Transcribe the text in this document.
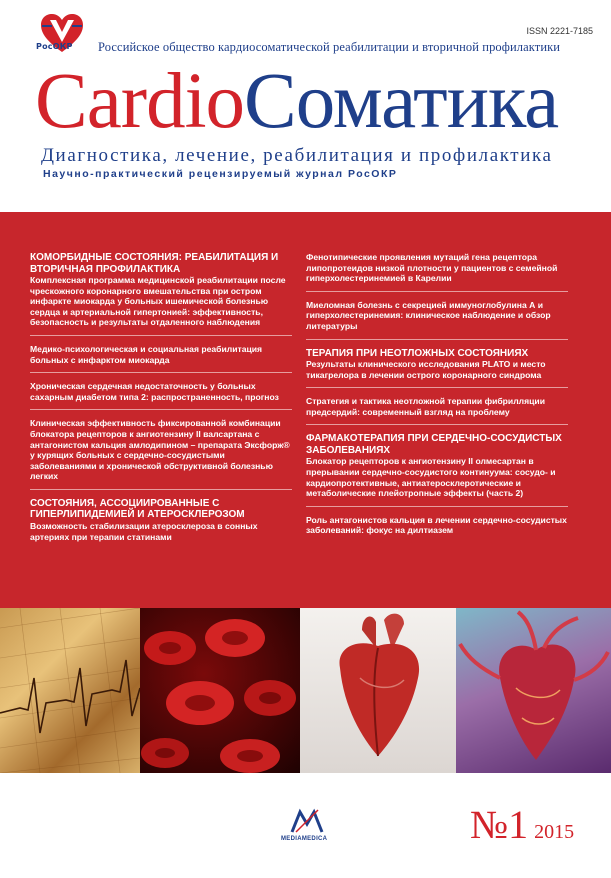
РосОКР
ISSN 2221-7185
Российское общество кардиосоматической реабилитации и вторичной профилактики
CardioСоматика
Диагностика, лечение, реабилитация и профилактика
Научно-практический рецензируемый журнал РосОКР
КОМОРБИДНЫЕ СОСТОЯНИЯ: РЕАБИЛИТАЦИЯ И ВТОРИЧНАЯ ПРОФИЛАКТИКА
Комплексная программа медицинской реабилитации после чрескожного коронарного вмешательства при остром инфаркте миокарда у больных ишемической болезнью сердца и артериальной гипертонией: эффективность, безопасность и результаты отдаленного наблюдения
Медико-психологическая и социальная реабилитация больных с инфарктом миокарда
Хроническая сердечная недостаточность у больных сахарным диабетом типа 2: распространенность, прогноз
Клиническая эффективность фиксированной комбинации блокатора рецепторов к ангиотензину II валсартана с антагонистом кальция амлодипином – препарата Эксфорж® у курящих больных с сердечно-сосудистыми заболеваниями и хронической обструктивной болезнью легких
СОСТОЯНИЯ, АССОЦИИРОВАННЫЕ С ГИПЕРЛИПИДЕМИЕЙ И АТЕРОСКЛЕРОЗОМ
Возможность стабилизации атеросклероза в сонных артериях при терапии статинами
Фенотипические проявления мутаций гена рецептора липопротеидов низкой плотности у пациентов с семейной гиперхолестеринемией в Карелии
Миеломная болезнь с секрецией иммуноглобулина А и гиперхолестеринемия: клиническое наблюдение и обзор литературы
ТЕРАПИЯ ПРИ НЕОТЛОЖНЫХ СОСТОЯНИЯХ
Результаты клинического исследования PLATO и место тикагрелора в лечении острого коронарного синдрома
Стратегия и тактика неотложной терапии фибрилляции предсердий: современный взгляд на проблему
ФАРМАКОТЕРАПИЯ ПРИ СЕРДЕЧНО-СОСУДИСТЫХ ЗАБОЛЕВАНИЯХ
Блокатор рецепторов к ангиотензину II олмесартан в прерывании сердечно-сосудистого континуума: сосудо- и кардиопротективные, антиатеросклеротические и метаболические плейотропные эффекты (часть 2)
Роль антагонистов кальция в лечении сердечно-сосудистых заболеваний: фокус на дилтиазем
MEDIAMEDICA	№1 2015
